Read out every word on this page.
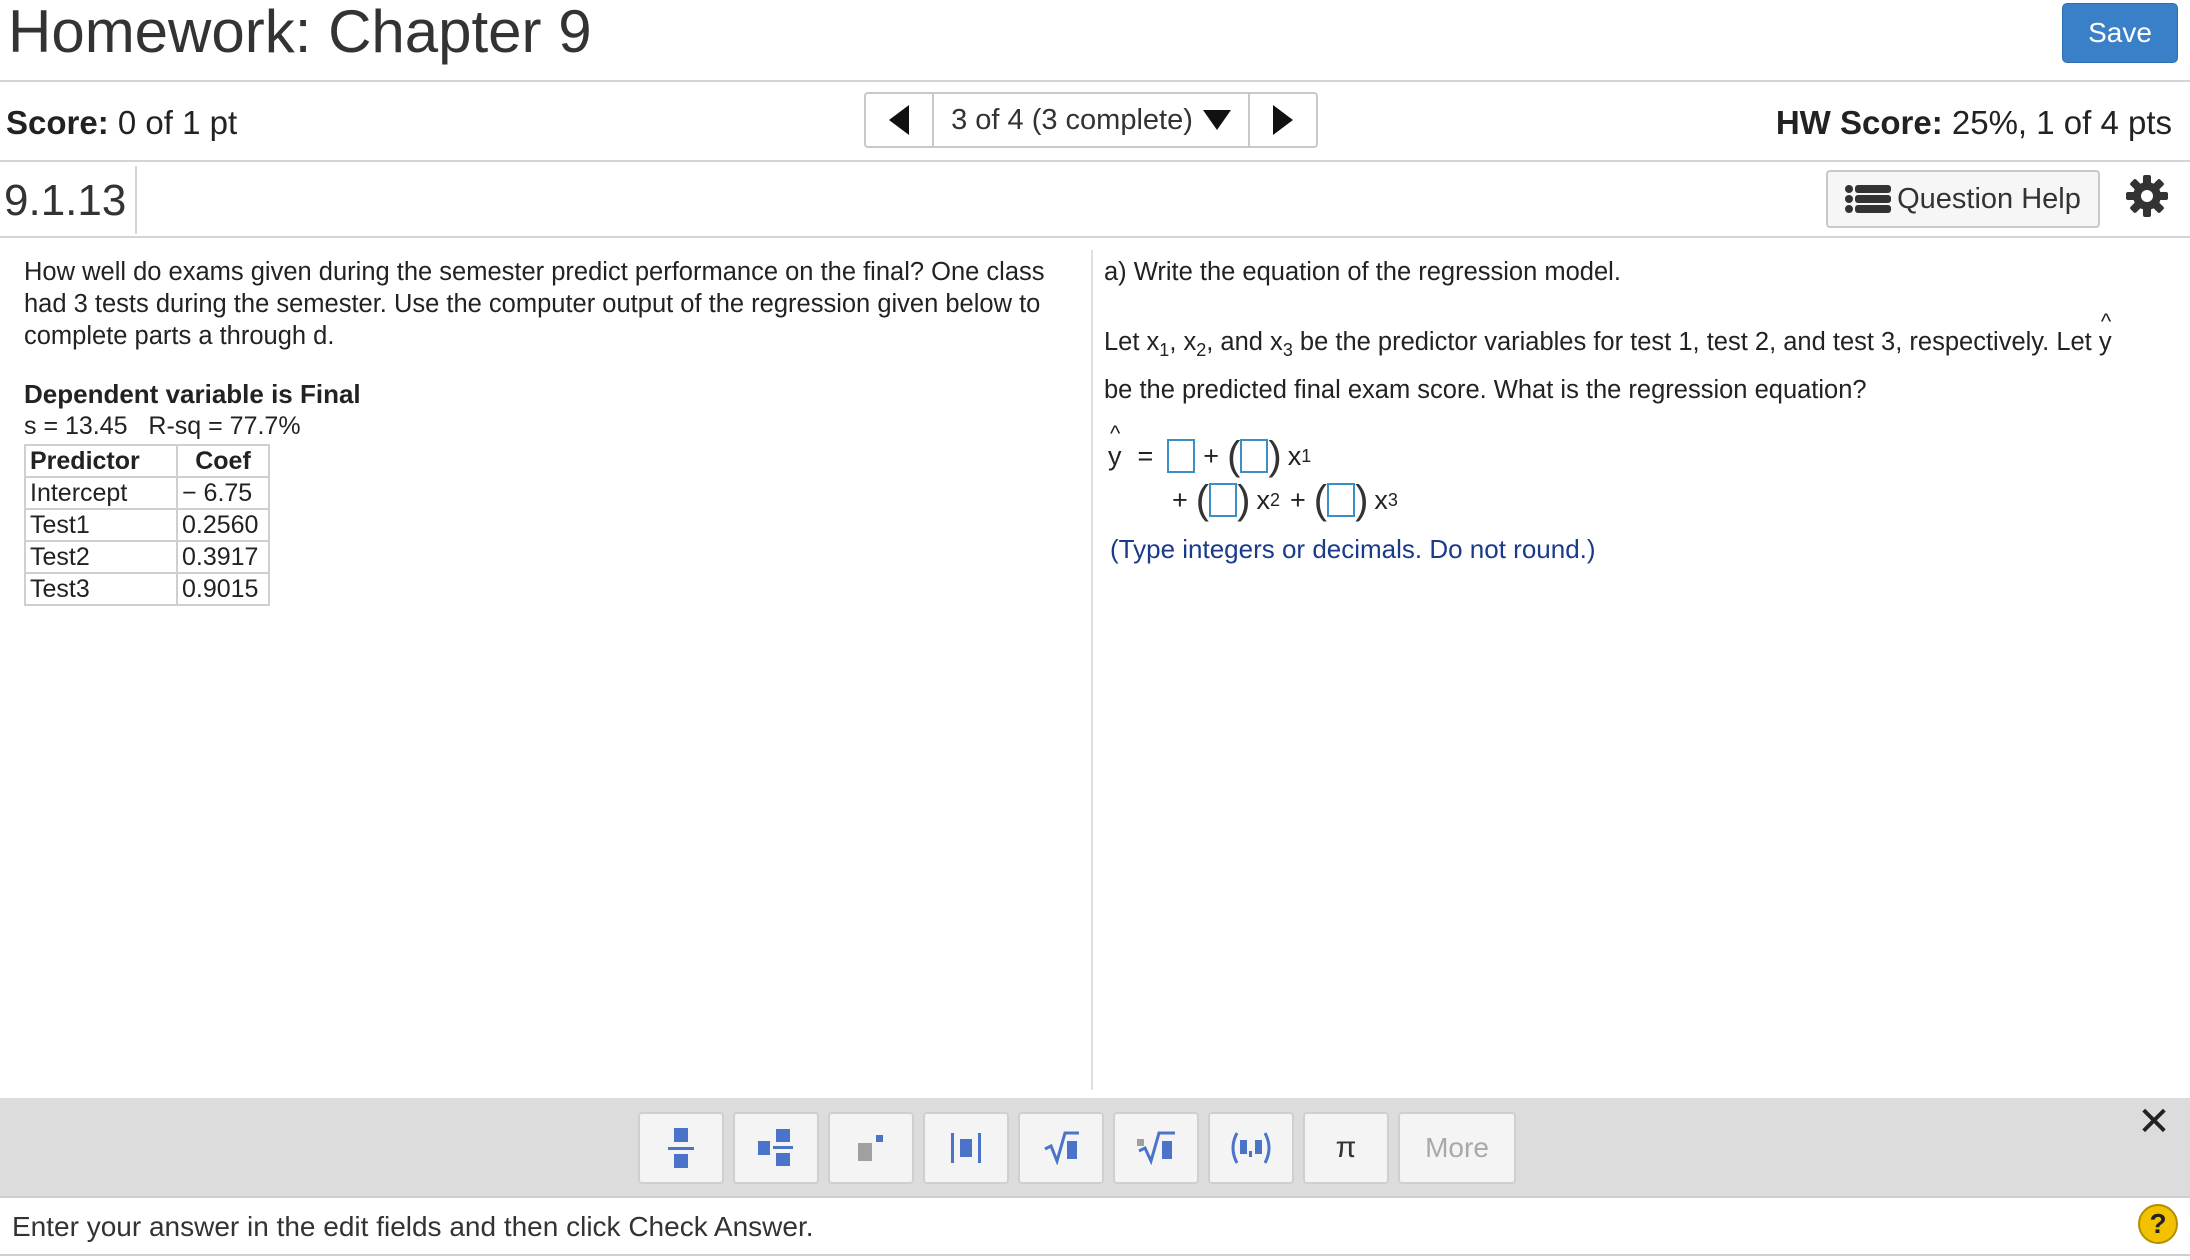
Homework: Chapter 9	Save
Score: 0 of 1 pt	3 of 4 (3 complete)	HW Score: 25%, 1 of 4 pts
9.1.13	Question Help

How well do exams given during the semester predict performance on the final? One class had 3 tests during the semester. Use the computer output of the regression given below to complete parts a through d.

Dependent variable is Final
s = 13.45   R-sq = 77.7%
Predictor	Coef
Intercept	− 6.75
Test1	0.2560
Test2	0.3917
Test3	0.9015

a) Write the equation of the regression model.

Let $x_1$, $x_2$, and $x_3$ be the predictor variables for test 1, test 2, and test 3, respectively. Let ^ y
be the predicted final exam score. What is the regression equation?
^ y = + ( ) x 1
+ ( ) x 2 + ( ) x 3
(Type integers or decimals. Do not round.)
π	More
✕
Enter your answer in the edit fields and then click Check Answer.	?
